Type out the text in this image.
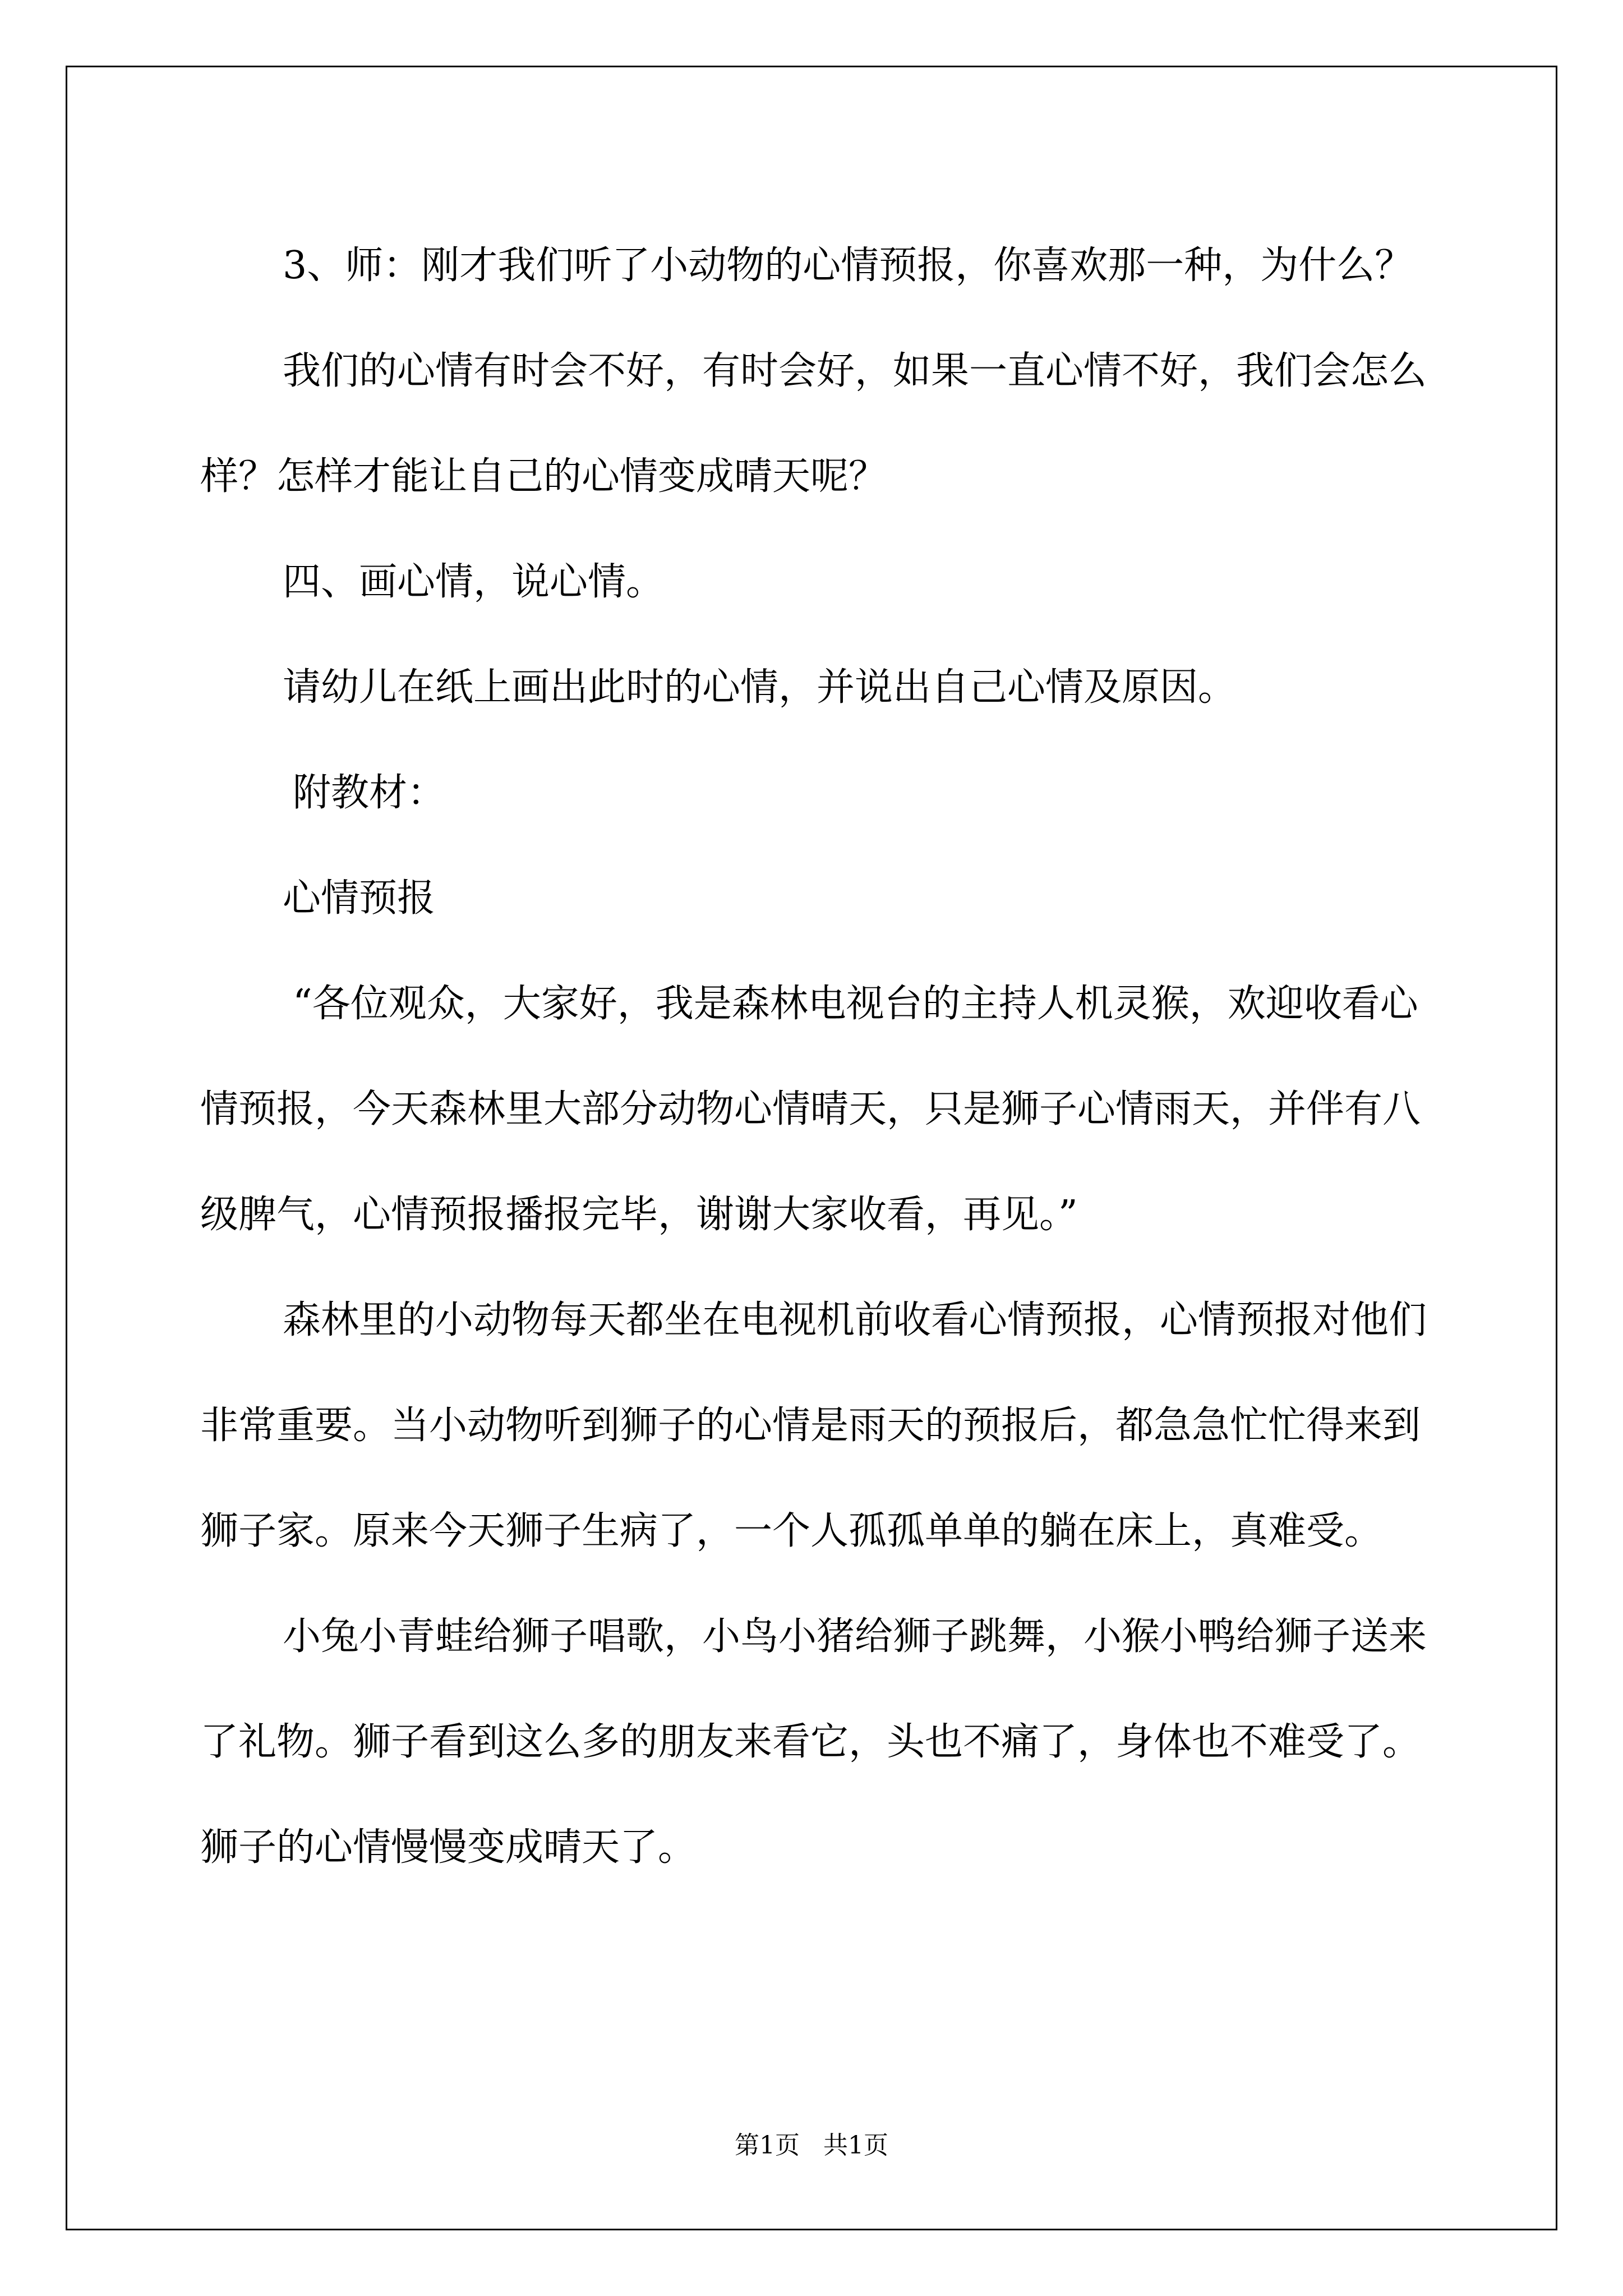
3、师：刚才我们听了小动物的心情预报，你喜欢那一种，为什么？

我们的心情有时会不好，有时会好，如果一直心情不好，我们会怎么样？怎样才能让自己的心情变成晴天呢？

四、画心情，说心情。

请幼儿在纸上画出此时的心情，并说出自己心情及原因。

附教材：

心情预报

“各位观众，大家好，我是森林电视台的主持人机灵猴，欢迎收看心情预报，今天森林里大部分动物心情晴天，只是狮子心情雨天，并伴有八级脾气，心情预报播报完毕，谢谢大家收看，再见。”

森林里的小动物每天都坐在电视机前收看心情预报，心情预报对他们非常重要。当小动物听到狮子的心情是雨天的预报后，都急急忙忙得来到狮子家。原来今天狮子生病了，一个人孤孤单单的躺在床上，真难受。

小兔小青蛙给狮子唱歌，小鸟小猪给狮子跳舞，小猴小鸭给狮子送来了礼物。狮子看到这么多的朋友来看它，头也不痛了，身体也不难受了。狮子的心情慢慢变成晴天了。

第1页 共1页
